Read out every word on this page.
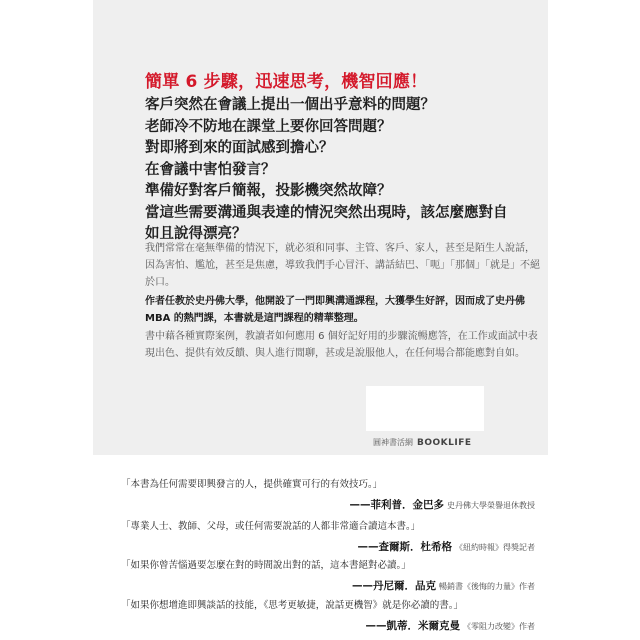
簡單 6 步驟，迅速思考，機智回應！
客戶突然在會議上提出一個出乎意料的問題？
老師冷不防地在課堂上要你回答問題？
對即將到來的面試感到擔心？
在會議中害怕發言？
準備好對客戶簡報，投影機突然故障？
當這些需要溝通與表達的情況突然出現時，該怎麼應對自如且說得漂亮？

我們常常在毫無準備的情況下，就必須和同事、主管、客戶、家人，甚至是陌生人說話，因為害怕、尷尬，甚至是焦慮，導致我們手心冒汗、講話結巴、「呃」「那個」「就是」不絕於口。

作者任教於史丹佛大學，他開設了一門即興溝通課程，大獲學生好評，因而成了史丹佛 MBA 的熱門課，本書就是這門課程的精華整理。

書中藉各種實際案例，教讀者如何應用 6 個好記好用的步驟流暢應答，在工作或面試中表現出色、提供有效反饋、與人進行閒聊，甚或是說服他人，在任何場合都能應對自如。

圓神書活網 BOOKLIFE

「本書為任何需要即興發言的人，提供確實可行的有效技巧。」

——菲利普．金巴多 史丹佛大學榮譽退休教授

「專業人士、教師、父母，或任何需要說話的人都非常適合讀這本書。」

——查爾斯．杜希格 《紐約時報》得獎記者

「如果你曾苦惱過要怎麼在對的時間說出對的話，這本書絕對必讀。」

——丹尼爾．品克 暢銷書《後悔的力量》作者

「如果你想增進即興談話的技能，《思考更敏捷，說話更機智》就是你必讀的書。」

——凱蒂．米爾克曼 《零阻力改變》作者
